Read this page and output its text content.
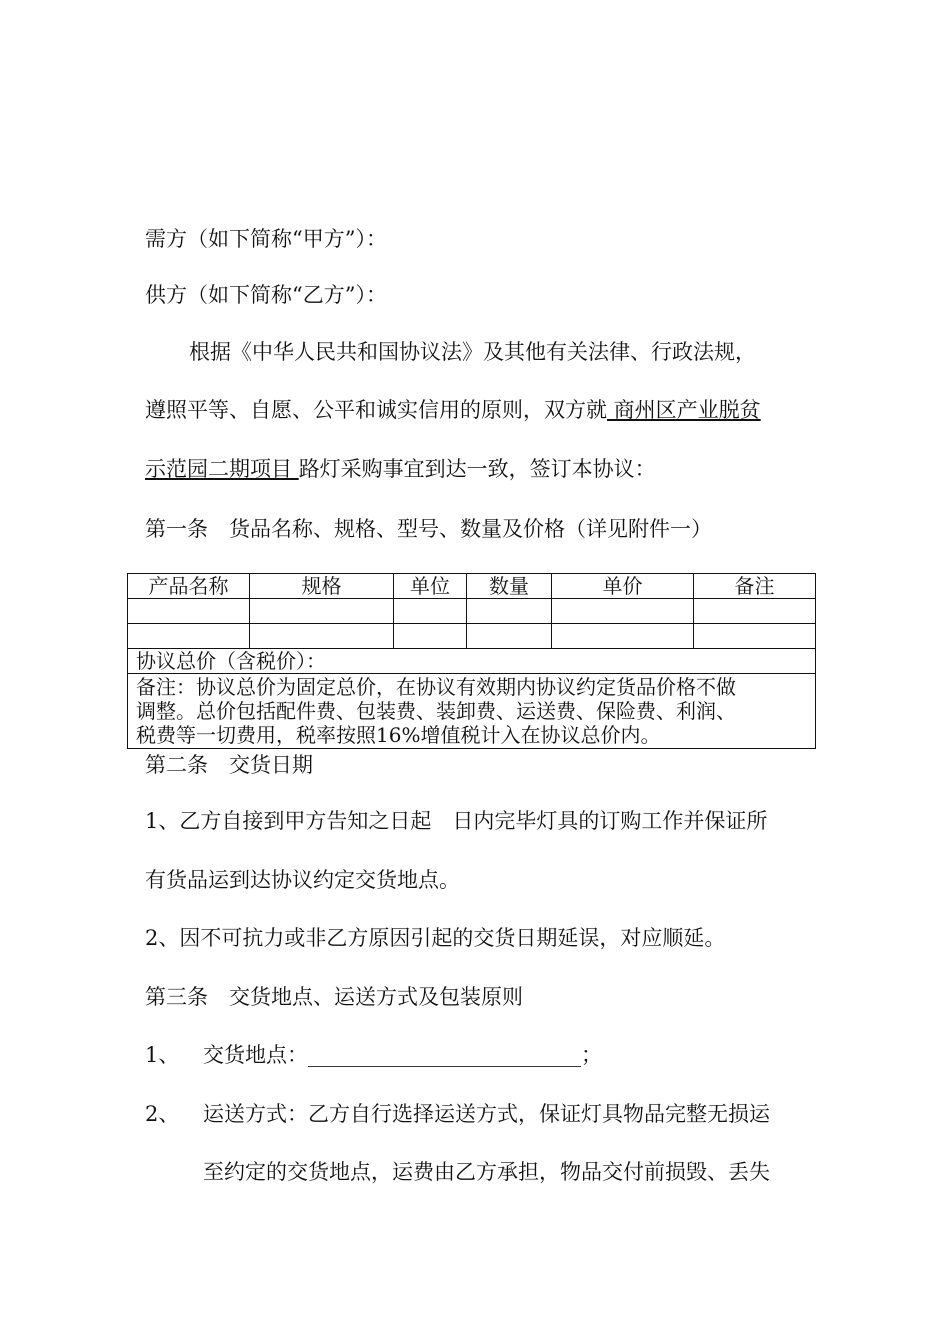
需方（如下简称“甲方”）：
供方（如下简称“乙方”）：
根据《中华人民共和国协议法》及其他有关法律、行政法规，
遵照平等、自愿、公平和诚实信用的原则，双方就 商州区产业脱贫
示范园二期项目 路灯采购事宜到达一致，签订本协议：
第一条　货品名称、规格、型号、数量及价格（详见附件一）
产品名称	规格	单位	数量	单价	备注

协议总价（含税价）：					

备注：协议总价为固定总价，在协议有效期内协议约定货品价格不做
调整。总价包括配件费、包装费、装卸费、运送费、保险费、利润、
税费等一切费用，税率按照16%增值税计入在协议总价内。					
第二条　交货日期
1、乙方自接到甲方告知之日起　日内完毕灯具的订购工作并保证所
有货品运到达协议约定交货地点。
2、因不可抗力或非乙方原因引起的交货日期延误，对应顺延。
第三条　交货地点、运送方式及包装原则
1、 交货地点：__________________________；
2、 运送方式：乙方自行选择运送方式，保证灯具物品完整无损运
至约定的交货地点，运费由乙方承担，物品交付前损毁、丢失
